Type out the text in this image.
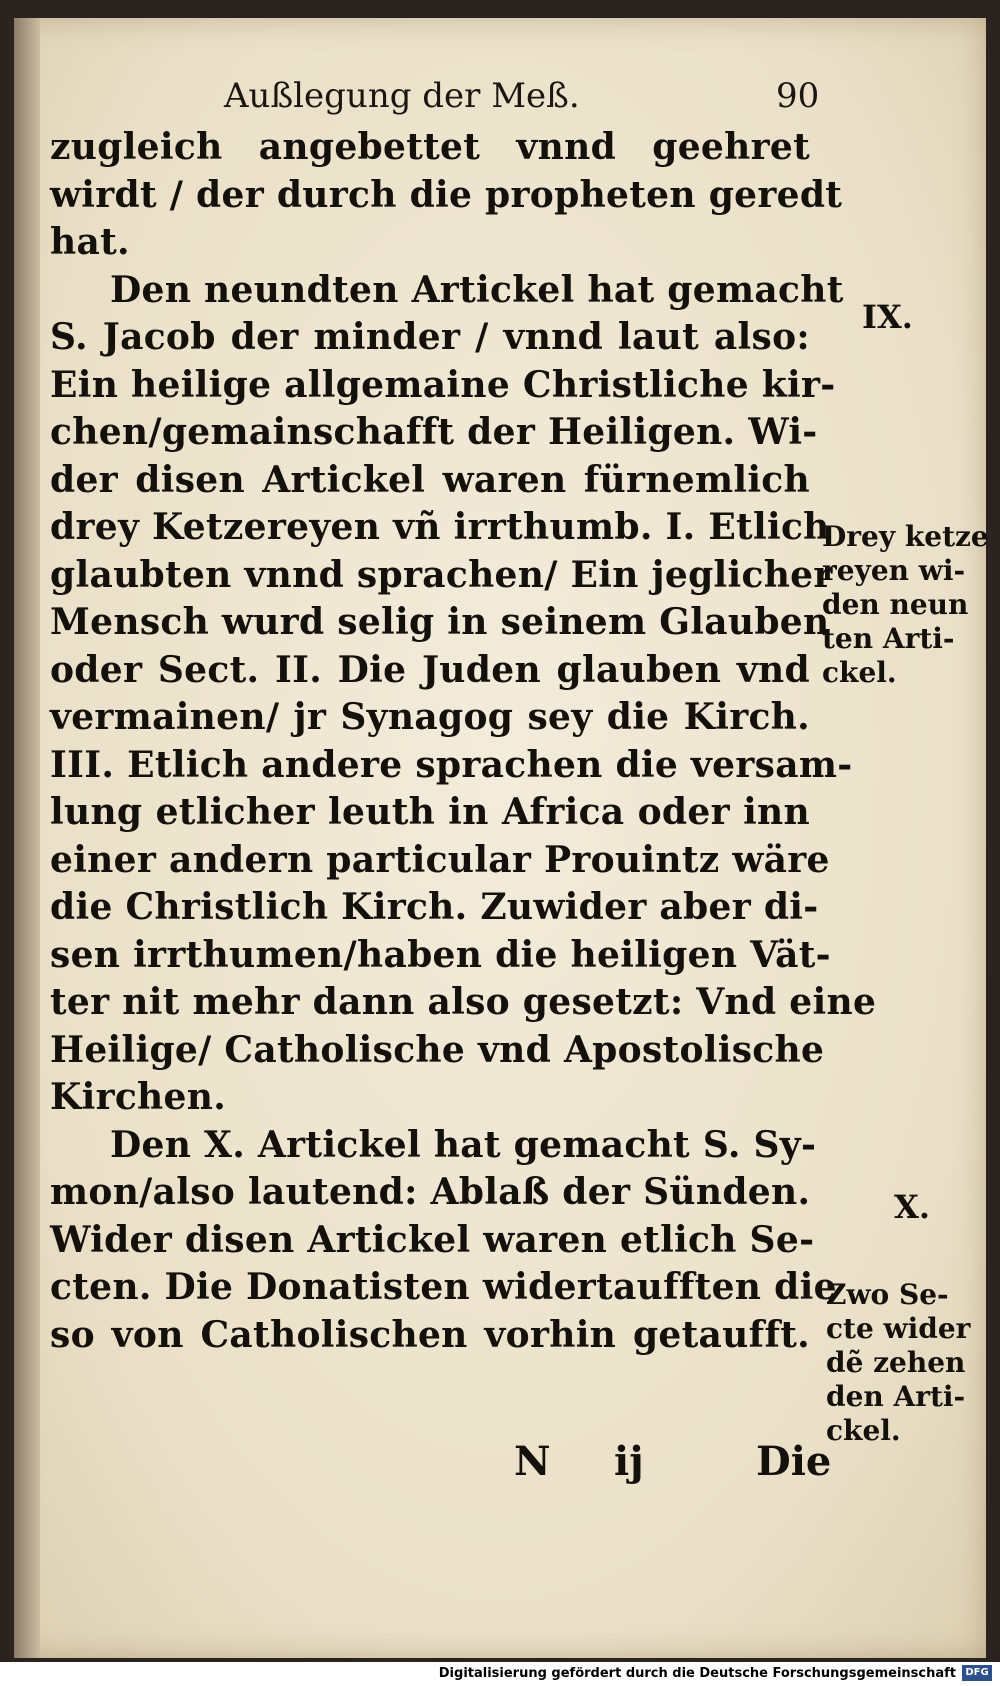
Außlegung der Meß.	90
zugleich angebettet vnnd geehret
wirdt / der durch die propheten geredt
hat.
Den neundten Artickel hat gemacht
S. Jacob der minder / vnnd laut also:
Ein heilige allgemaine Christliche kir-
chen/gemainschafft der Heiligen. Wi-
der disen Artickel waren fürnemlich
drey Ketzereyen vñ irrthumb. I. Etlich
glaubten vnnd sprachen/ Ein jeglicher
Mensch wurd selig in seinem Glauben
oder Sect. II. Die Juden glauben vnd
vermainen/ jr Synagog sey die Kirch.
III. Etlich andere sprachen die versam-
lung etlicher leuth in Africa oder inn
einer andern particular Prouintz wäre
die Christlich Kirch. Zuwider aber di-
sen irrthumen/haben die heiligen Vät-
ter nit mehr dann also gesetzt: Vnd eine
Heilige/ Catholische vnd Apostolische
Kirchen.
Den X. Artickel hat gemacht S. Sy-
mon/also lautend: Ablaß der Sünden.
Wider disen Artickel waren etlich Se-
cten. Die Donatisten widertaufften die
so von Catholischen vorhin getaufft.
N ij	Die
IX.
Drey ketze
reyen wi-
den neun
ten Arti-
ckel.
X.
Zwo Se-
cte wider
dẽ zehen
den Arti-
ckel.
Digitalisierung gefördert durch die Deutsche Forschungsgemeinschaft DFG
